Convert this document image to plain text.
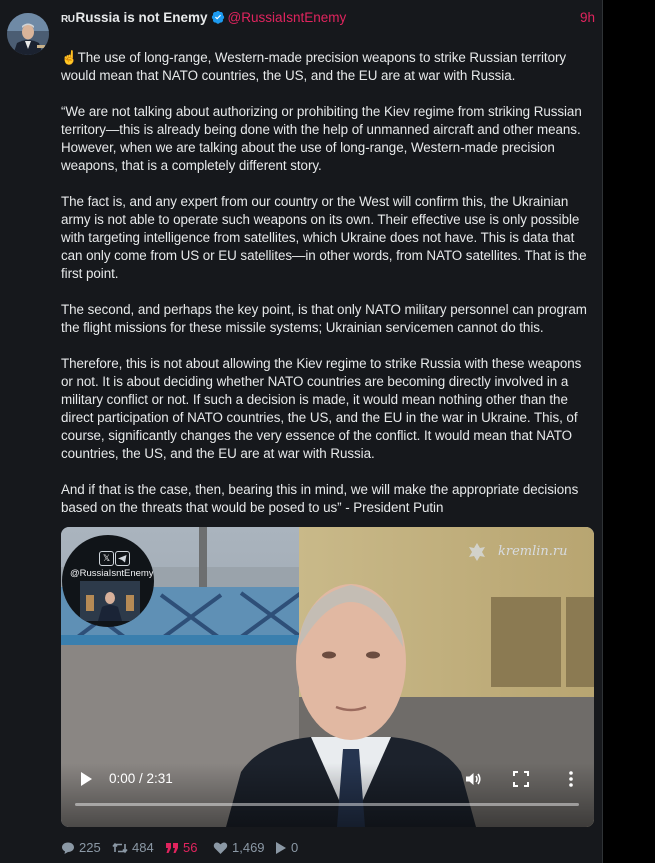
RURussia is not Enemy @RussiaIsntEnemy	9h

☝️The use of long-range, Western-made precision weapons to strike Russian territory would mean that NATO countries, the US, and the EU are at war with Russia.

“We are not talking about authorizing or prohibiting the Kiev regime from striking Russian territory—this is already being done with the help of unmanned aircraft and other means. However, when we are talking about the use of long-range, Western-made precision weapons, that is a completely different story.

The fact is, and any expert from our country or the West will confirm this, the Ukrainian army is not able to operate such weapons on its own. Their effective use is only possible with targeting intelligence from satellites, which Ukraine does not have. This is data that can only come from US or EU satellites—in other words, from NATO satellites. That is the first point.

The second, and perhaps the key point, is that only NATO military personnel can program the flight missions for these missile systems; Ukrainian servicemen cannot do this.

Therefore, this is not about allowing the Kiev regime to strike Russia with these weapons or not. It is about deciding whether NATO countries are becoming directly involved in a military conflict or not. If such a decision is made, it would mean nothing other than the direct participation of NATO countries, the US, and the EU in the war in Ukraine. This, of course, significantly changes the very essence of the conflict. It would mean that NATO countries, the US, and the EU are at war with Russia.

And if that is the case, then, bearing this in mind, we will make the appropriate decisions based on the threats that would be posed to us” - President Putin
𝕏
@RussiaIsntEnemy
kremlin.ru
0:00 / 2:31
225 484 56	1,469 0
